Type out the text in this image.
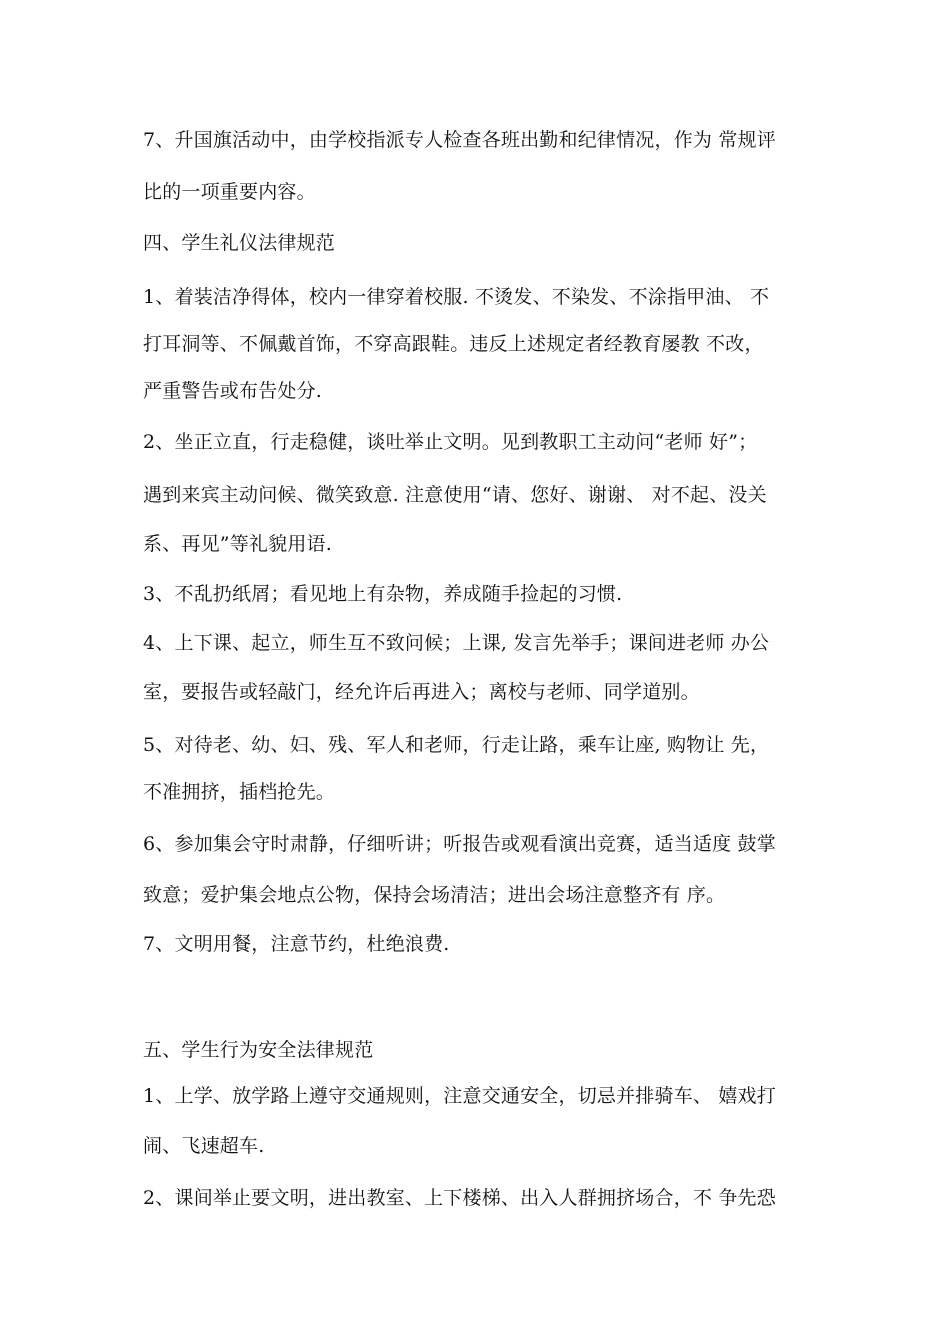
7、升国旗活动中，由学校指派专人检查各班出勤和纪律情况，作为 常规评
比的一项重要内容。
四、学生礼仪法律规范
1、着装洁净得体，校内一律穿着校服. 不烫发、不染发、不涂指甲油、 不
打耳洞等、不佩戴首饰，不穿高跟鞋。违反上述规定者经教育屡教 不改，
严重警告或布告处分.
2、坐正立直，行走稳健，谈吐举止文明。见到教职工主动问“老师 好”；
遇到来宾主动问候、微笑致意. 注意使用“请、您好、谢谢、 对不起、没关
系、再见”等礼貌用语.
3、不乱扔纸屑；看见地上有杂物，养成随手捡起的习惯.
4、上下课、起立，师生互不致问候；上课, 发言先举手；课间进老师 办公
室，要报告或轻敲门，经允许后再进入；离校与老师、同学道别。
5、对待老、幼、妇、残、军人和老师，行走让路，乘车让座, 购物让 先，
不准拥挤，插档抢先。
6、参加集会守时肃静，仔细听讲；听报告或观看演出竞赛，适当适度 鼓掌
致意；爱护集会地点公物，保持会场清洁；进出会场注意整齐有 序。
7、文明用餐，注意节约，杜绝浪费.
五、学生行为安全法律规范
1、上学、放学路上遵守交通规则，注意交通安全，切忌并排骑车、 嬉戏打
闹、飞速超车.
2、课间举止要文明，进出教室、上下楼梯、出入人群拥挤场合，不 争先恐
